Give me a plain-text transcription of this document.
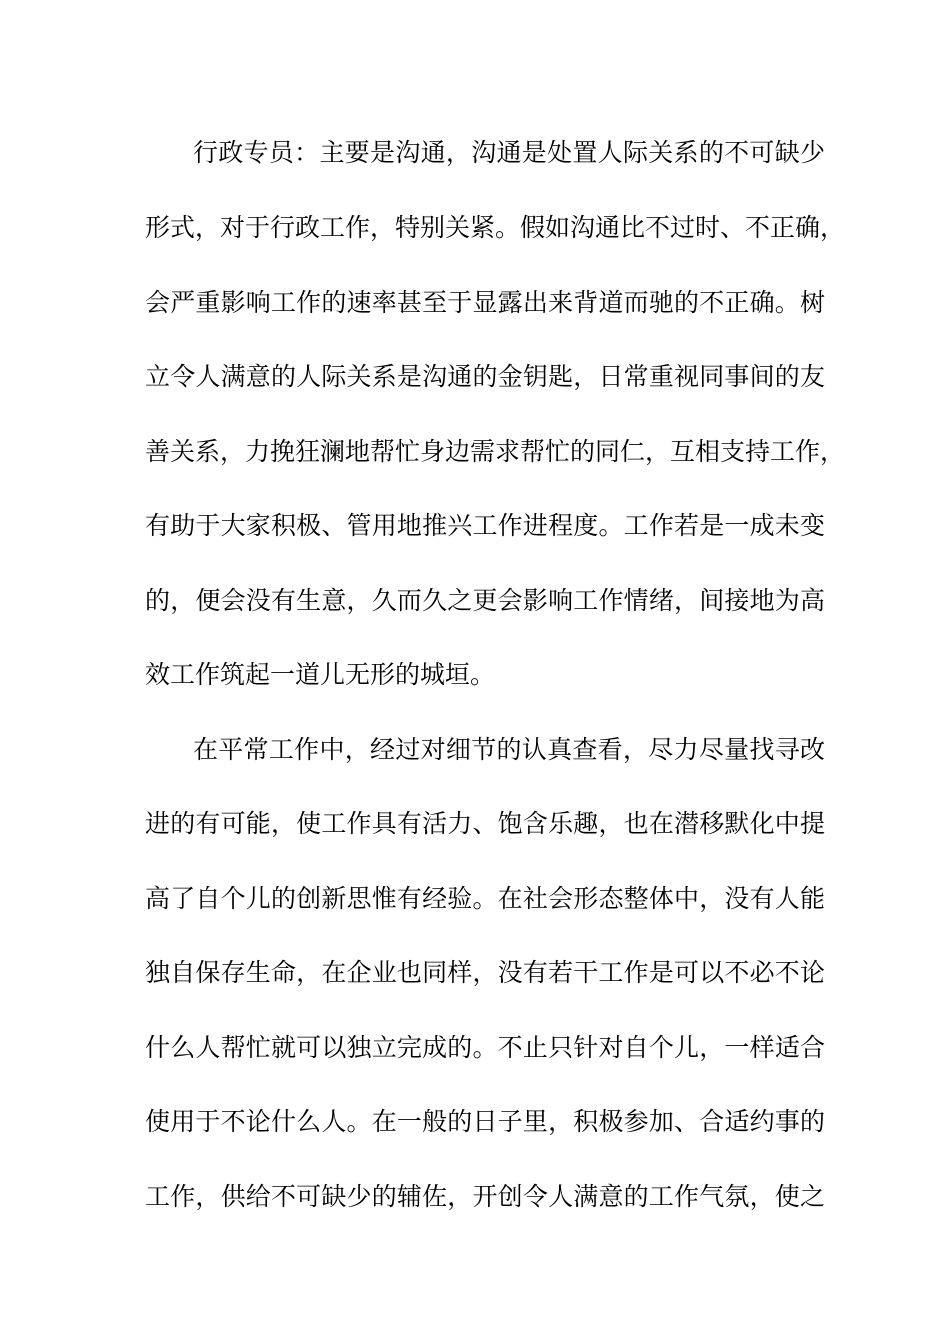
行政专员：主要是沟通，沟通是处置人际关系的不可缺少
形式，对于行政工作，特别关紧。假如沟通比不过时、不正确，
会严重影响工作的速率甚至于显露出来背道而驰的不正确。树
立令人满意的人际关系是沟通的金钥匙，日常重视同事间的友
善关系，力挽狂澜地帮忙身边需求帮忙的同仁，互相支持工作，
有助于大家积极、管用地推兴工作进程度。工作若是一成未变
的，便会没有生意，久而久之更会影响工作情绪，间接地为高
效工作筑起一道儿无形的城垣。
在平常工作中，经过对细节的认真查看，尽力尽量找寻改
进的有可能，使工作具有活力、饱含乐趣，也在潜移默化中提
高了自个儿的创新思惟有经验。在社会形态整体中，没有人能
独自保存生命，在企业也同样，没有若干工作是可以不必不论
什么人帮忙就可以独立完成的。不止只针对自个儿，一样适合
使用于不论什么人。在一般的日子里，积极参加、合适约事的
工作，供给不可缺少的辅佐，开创令人满意的工作气氛，使之
